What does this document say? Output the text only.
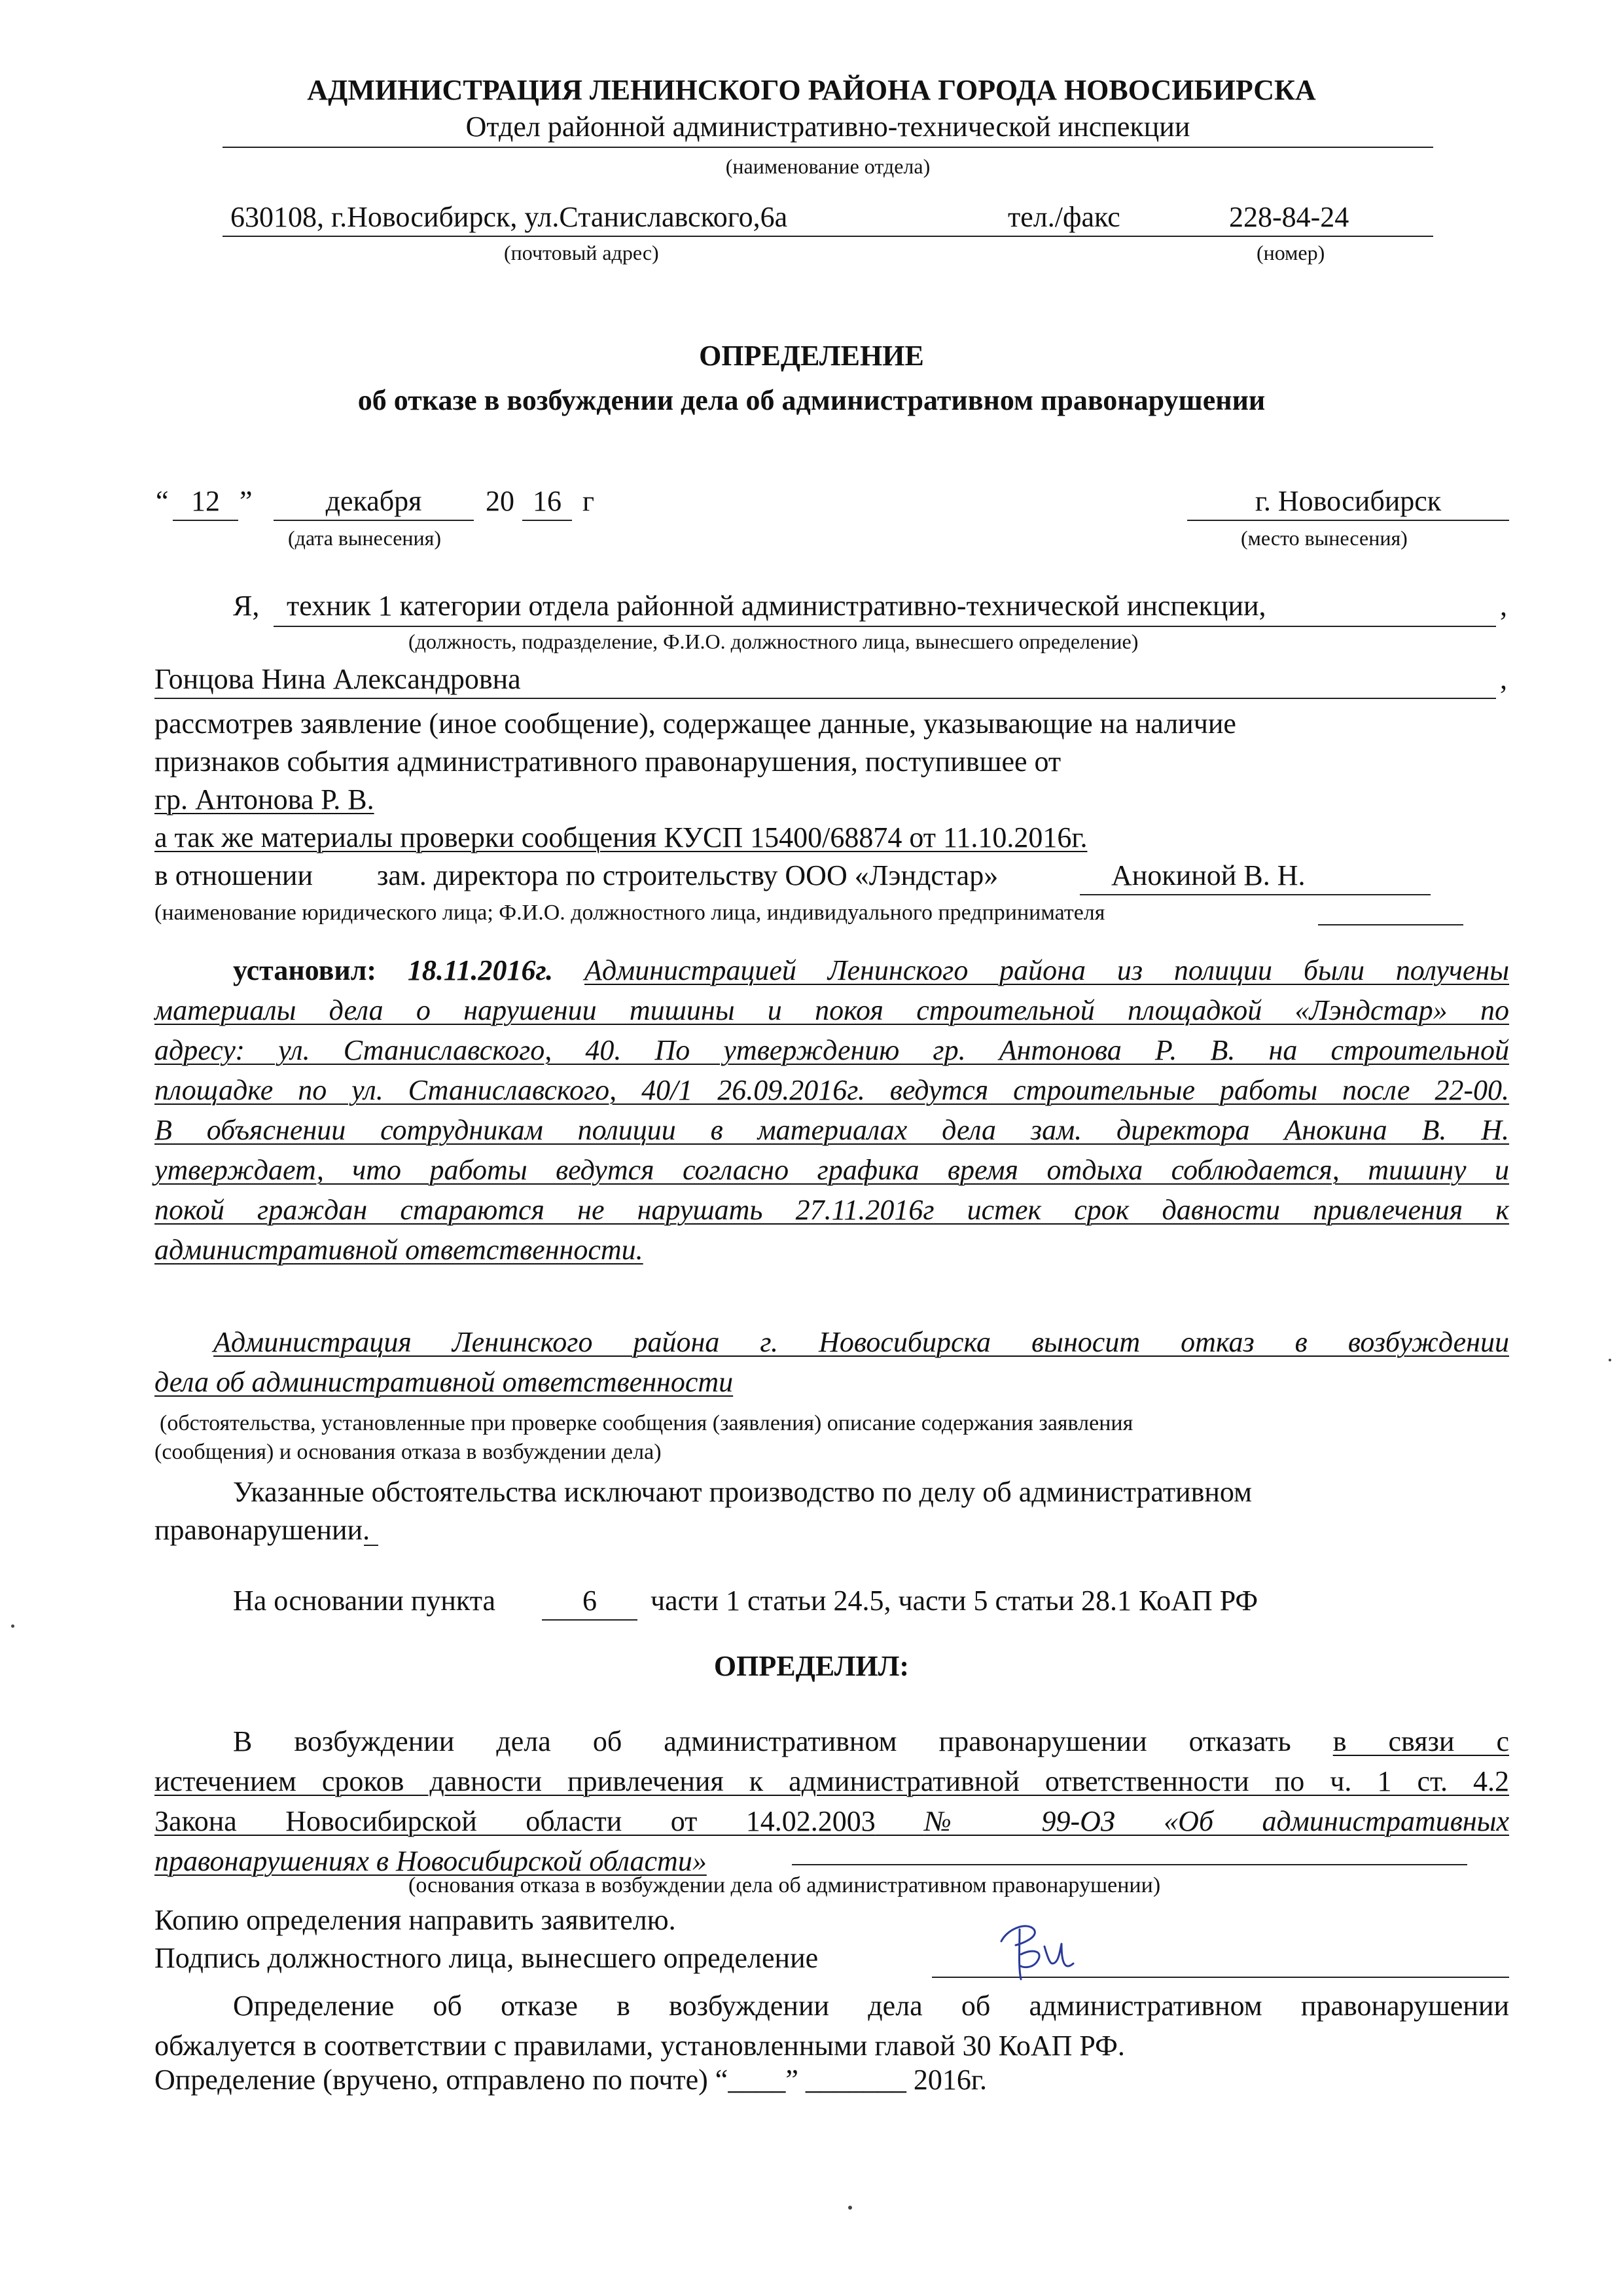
АДМИНИСТРАЦИЯ ЛЕНИНСКОГО РАЙОНА ГОРОДА НОВОСИБИРСКА
Отдел районной административно-технической инспекции
(наименование отдела)
630108, г.Новосибирск, ул.Станиславского,6а	тел./факс	228-84-24
(почтовый адрес)	(номер)
ОПРЕДЕЛЕНИЕ
об отказе в возбуждении дела об административном правонарушении
“ 12 ”	декабря	20 16 г
(дата вынесения)
г. Новосибирск
(место вынесения)
Я, техник 1 категории отдела районной административно-технической инспекции,	,
(должность, подразделение, Ф.И.О. должностного лица, вынесшего определение)
Гонцова Нина Александровна	,
рассмотрев заявление (иное сообщение), содержащее данные, указывающие на наличие
признаков события административного правонарушения, поступившее от
гр. Антонова Р. В.
а так же материалы проверки сообщения КУСП 15400/68874 от 11.10.2016г.
в отношении зам. директора по строительству ООО «Лэндстар»	Анокиной В. Н.
(наименование юридического лица; Ф.И.О. должностного лица, индивидуального предпринимателя

установил: 18.11.2016г. Администрацией Ленинского района из полиции были получены

материалы дела о нарушении тишины и покоя строительной площадкой «Лэндстар» по

адресу: ул. Станиславского, 40. По утверждению гр. Антонова Р. В. на строительной

площадке по ул. Станиславского, 40/1 26.09.2016г. ведутся строительные работы после 22-00.

В объяснении сотрудникам полиции в материалах дела зам. директора Анокина В. Н.

утверждает, что работы ведутся согласно графика время отдыха соблюдается, тишину и

покой граждан стараются не нарушать 27.11.2016г истек срок давности привлечения к

административной ответственности.

Администрация Ленинского района г. Новосибирска выносит отказ в возбуждении

дела об административной ответственности

(обстоятельства, установленные при проверке сообщения (заявления) описание содержания заявления
(сообщения) и основания отказа в возбуждении дела)
Указанные обстоятельства исключают производство по делу об административном
правонарушении.
На основании пункта	6	части 1 статьи 24.5, части 5 статьи 28.1 КоАП РФ
ОПРЕДЕЛИЛ:

В возбуждении дела об административном правонарушении отказать в связи с

истечением сроков давности привлечения к административной ответственности по ч. 1 ст. 4.2

Закона Новосибирской области от 14.02.2003 № 99-ОЗ «Об административных

правонарушениях в Новосибирской области»

(основания отказа в возбуждении дела об административном правонарушении)
Копию определения направить заявителю.
Подпись должностного лица, вынесшего определение

Определение об отказе в возбуждении дела об административном правонарушении

обжалуется в соответствии с правилами, установленными главой 30 КоАП РФ.

Определение (вручено, отправлено по почте) “____” _______ 2016г.
